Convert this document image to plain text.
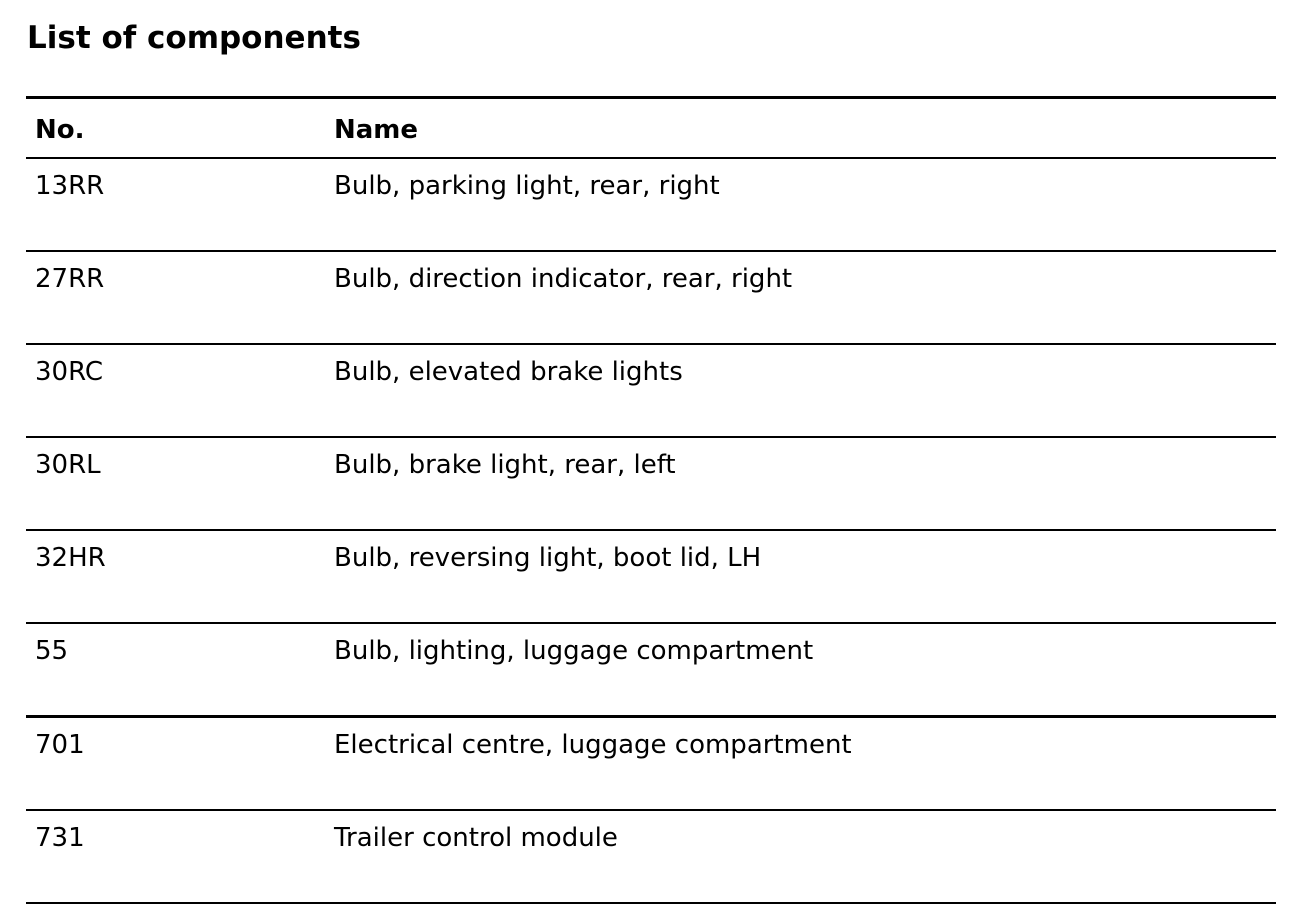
List of components
No.	Name
13RR	Bulb, parking light, rear, right
27RR	Bulb, direction indicator, rear, right
30RC	Bulb, elevated brake lights
30RL	Bulb, brake light, rear, left
32HR	Bulb, reversing light, boot lid, LH
55	Bulb, lighting, luggage compartment
701	Electrical centre, luggage compartment
731	Trailer control module
